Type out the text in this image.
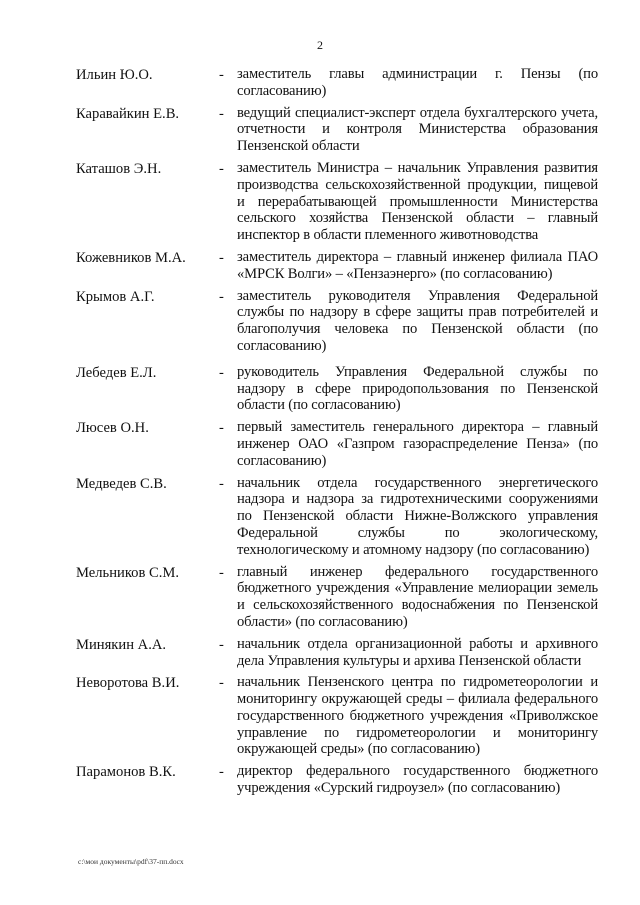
2
Ильин Ю.О.	- заместитель главы администрации г. Пензы (по согласованию)
Каравайкин Е.В.	- ведущий специалист-эксперт отдела бухгалтерского учета, отчетности и контроля Министерства образования Пензенской области
Каташов Э.Н.	- заместитель Министра – начальник Управления развития производства сельскохозяйственной продукции, пищевой и перерабатывающей промышленности Министерства сельского хозяйства Пензенской области – главный инспектор в области племенного животноводства
Кожевников М.А.	- заместитель директора – главный инженер филиала ПАО «МРСК Волги» – «Пензаэнерго» (по согласованию)
Крымов А.Г.	- заместитель руководителя Управления Федеральной службы по надзору в сфере защиты прав потребителей и благополучия человека по Пензенской области (по согласованию)
Лебедев Е.Л.	- руководитель Управления Федеральной службы по надзору в сфере природопользования по Пензенской области (по согласованию)
Люсев О.Н.	- первый заместитель генерального директора – главный инженер ОАО «Газпром газораспределение Пенза» (по согласованию)
Медведев С.В.	- начальник отдела государственного энергетического надзора и надзора за гидротехническими сооружениями по Пензенской области Нижне-Волжского управления Федеральной службы по экологическому, технологическому и атомному надзору (по согласованию)
Мельников С.М.	- главный инженер федерального государственного бюджетного учреждения «Управление мелиорации земель и сельскохозяйственного водоснабжения по Пензенской области» (по согласованию)
Минякин А.А.	- начальник отдела организационной работы и архивного дела Управления культуры и архива Пензенской области
Неворотова В.И.	- начальник Пензенского центра по гидрометеорологии и мониторингу окружающей среды – филиала федерального государственного бюджетного учреждения «Приволжское управление по гидрометеорологии и мониторингу окружающей среды» (по согласованию)
Парамонов В.К.	- директор федерального государственного бюджетного учреждения «Сурский гидроузел» (по согласованию)
c:\мои документы\pdf\37-пп.docx
